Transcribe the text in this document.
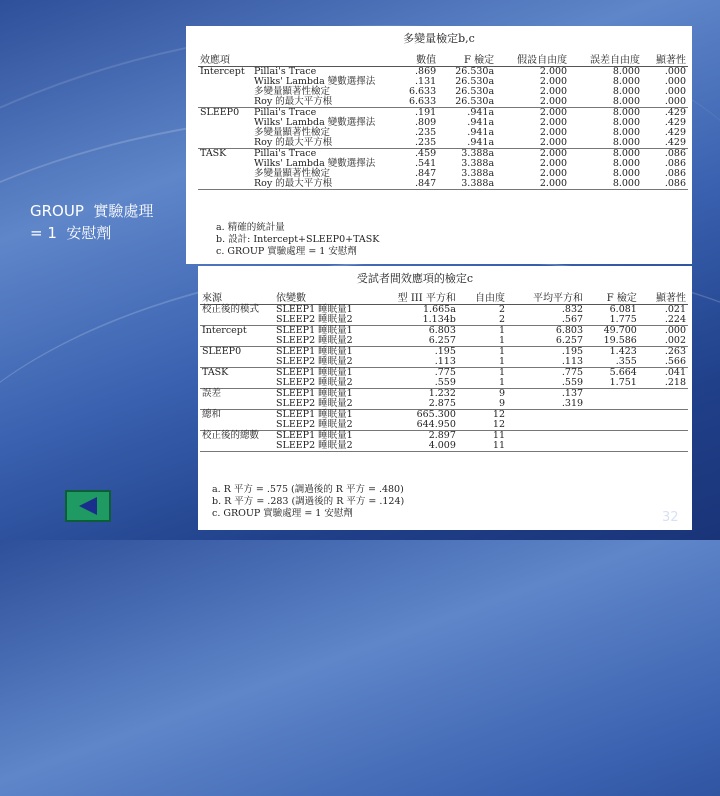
GROUP  實驗處理
= 1  安慰劑
多變量檢定b,c
效應項		數值	F 檢定	假設自由度	誤差自由度	顯著性
Intercept	Pillai's Trace	.869	26.530a	2.000	8.000	.000
	Wilks' Lambda 變數選擇法	.131	26.530a	2.000	8.000	.000
	多變量顯著性檢定	6.633	26.530a	2.000	8.000	.000
	Roy 的最大平方根	6.633	26.530a	2.000	8.000	.000
SLEEP0	Pillai's Trace	.191	.941a	2.000	8.000	.429
	Wilks' Lambda 變數選擇法	.809	.941a	2.000	8.000	.429
	多變量顯著性檢定	.235	.941a	2.000	8.000	.429
	Roy 的最大平方根	.235	.941a	2.000	8.000	.429
TASK	Pillai's Trace	.459	3.388a	2.000	8.000	.086
	Wilks' Lambda 變數選擇法	.541	3.388a	2.000	8.000	.086
	多變量顯著性檢定	.847	3.388a	2.000	8.000	.086
	Roy 的最大平方根	.847	3.388a	2.000	8.000	.086
a. 精確的統計量
b. 設計: Intercept+SLEEP0+TASK
c. GROUP 實驗處理 = 1 安慰劑
受試者間效應項的檢定c
來源	依變數	型 III 平方和	自由度	平均平方和	F 檢定	顯著性
校正後的模式	SLEEP1 睡眠量1	1.665a	2	.832	6.081	.021
	SLEEP2 睡眠量2	1.134b	2	.567	1.775	.224
Intercept	SLEEP1 睡眠量1	6.803	1	6.803	49.700	.000
	SLEEP2 睡眠量2	6.257	1	6.257	19.586	.002
SLEEP0	SLEEP1 睡眠量1	.195	1	.195	1.423	.263
	SLEEP2 睡眠量2	.113	1	.113	.355	.566
TASK	SLEEP1 睡眠量1	.775	1	.775	5.664	.041
	SLEEP2 睡眠量2	.559	1	.559	1.751	.218
誤差	SLEEP1 睡眠量1	1.232	9	.137		
	SLEEP2 睡眠量2	2.875	9	.319		
總和	SLEEP1 睡眠量1	665.300	12			
	SLEEP2 睡眠量2	644.950	12			
校正後的總數	SLEEP1 睡眠量1	2.897	11			
	SLEEP2 睡眠量2	4.009	11			
a. R 平方 = .575 (調過後的 R 平方 = .480)
b. R 平方 = .283 (調過後的 R 平方 = .124)
c. GROUP 實驗處理 = 1 安慰劑	32
